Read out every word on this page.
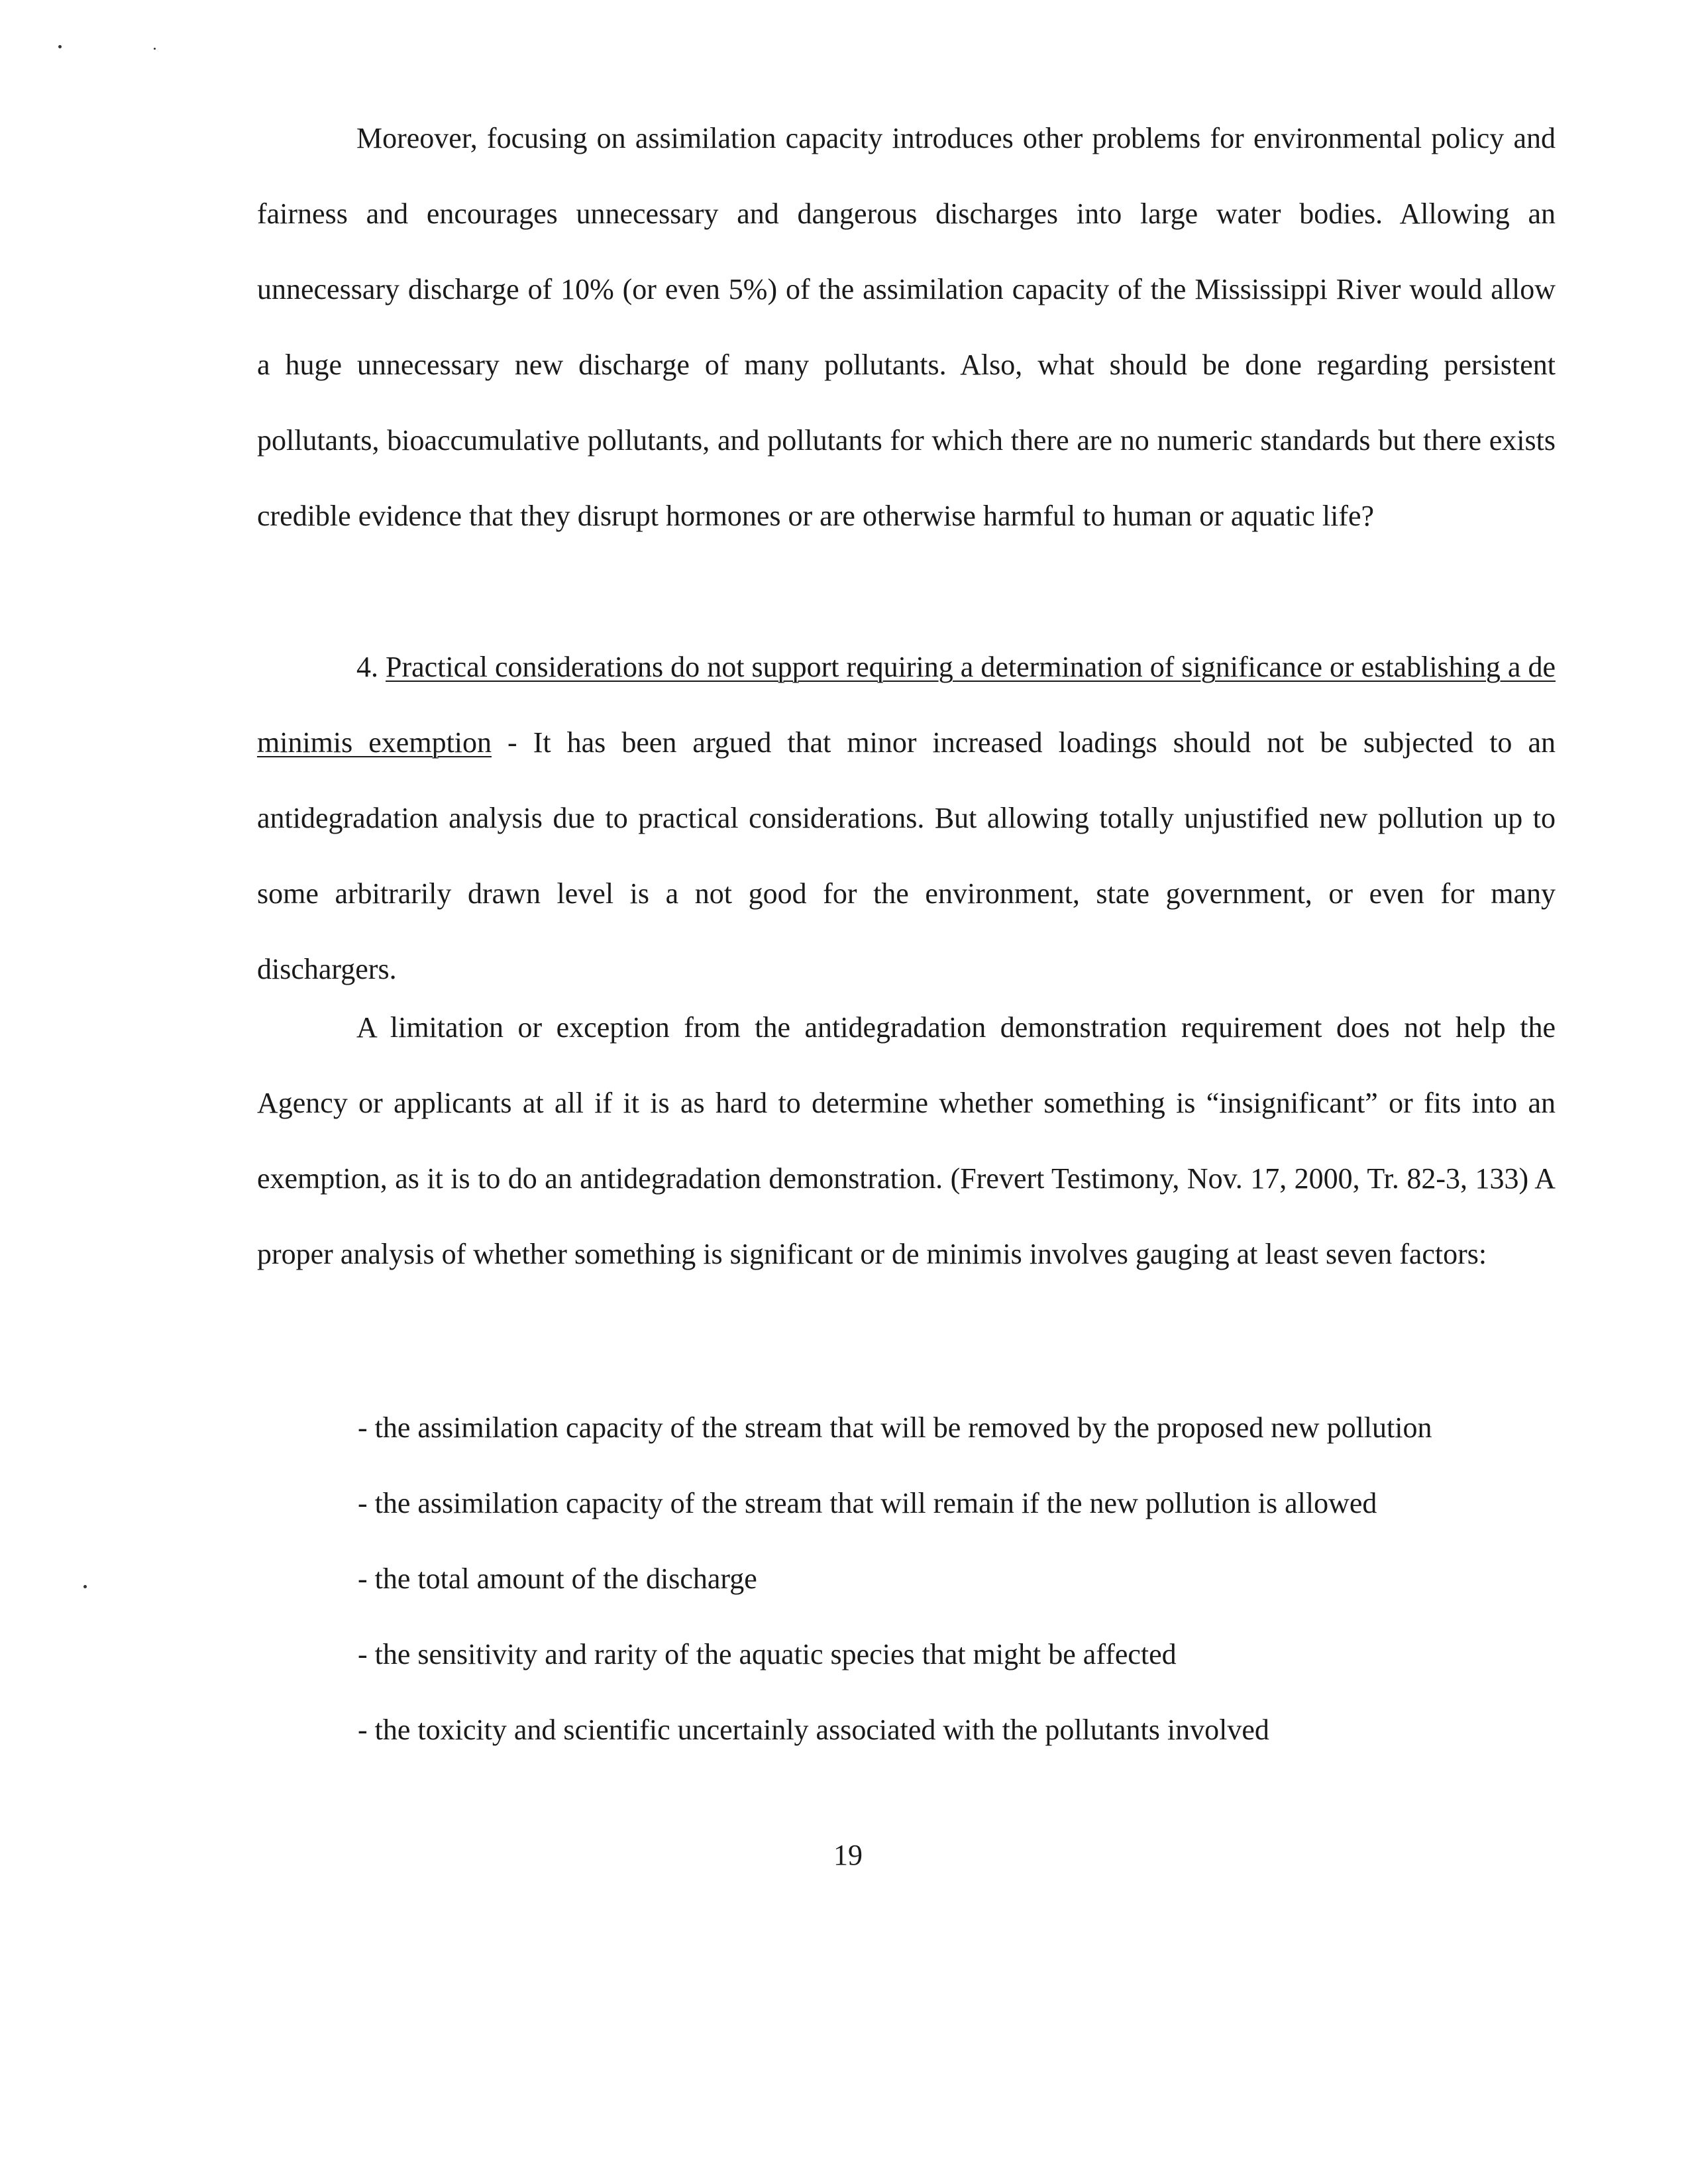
Moreover, focusing on assimilation capacity introduces other problems for environmental policy and fairness and encourages unnecessary and dangerous discharges into large water bodies. Allowing an unnecessary discharge of 10% (or even 5%) of the assimilation capacity of the Mississippi River would allow a huge unnecessary new discharge of many pollutants. Also, what should be done regarding persistent pollutants, bioaccumulative pollutants, and pollutants for which there are no numeric standards but there exists credible evidence that they disrupt hormones or are otherwise harmful to human or aquatic life?

4. Practical considerations do not support requiring a determination of significance or establishing a de minimis exemption - It has been argued that minor increased loadings should not be subjected to an antidegradation analysis due to practical considerations. But allowing totally unjustified new pollution up to some arbitrarily drawn level is a not good for the environment, state government, or even for many dischargers.

A limitation or exception from the antidegradation demonstration requirement does not help the Agency or applicants at all if it is as hard to determine whether something is “insignificant” or fits into an exemption, as it is to do an antidegradation demonstration. (Frevert Testimony, Nov. 17, 2000, Tr. 82-3, 133) A proper analysis of whether something is significant or de minimis involves gauging at least seven factors:

- the assimilation capacity of the stream that will be removed by the proposed new pollution
- the assimilation capacity of the stream that will remain if the new pollution is allowed
- the total amount of the discharge
- the sensitivity and rarity of the aquatic species that might be affected
- the toxicity and scientific uncertainly associated with the pollutants involved
19
